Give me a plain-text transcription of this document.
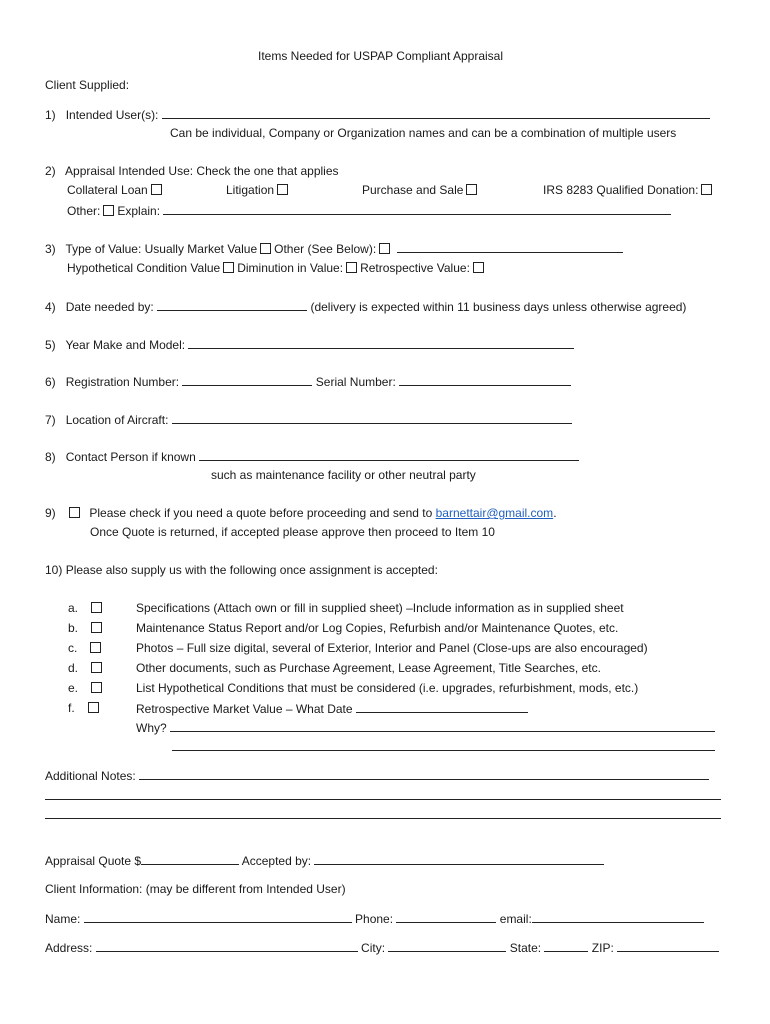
Items Needed for USPAP Compliant Appraisal
Client Supplied:
1) Intended User(s):
Can be individual, Company or Organization names and can be a combination of multiple users
2) Appraisal Intended Use: Check the one that applies
Collateral Loan	Litigation	Purchase and Sale	IRS 8283 Qualified Donation:
Other: Explain:
3) Type of Value: Usually Market Value Other (See Below):
Hypothetical Condition Value Diminution in Value: Retrospective Value:
4) Date needed by:	(delivery is expected within 11 business days unless otherwise agreed)
5) Year Make and Model:
6) Registration Number:	Serial Number:
7) Location of Aircraft:
8) Contact Person if known
such as maintenance facility or other neutral party
9)	Please check if you need a quote before proceeding and send to barnettair@gmail.com.
Once Quote is returned, if accepted please approve then proceed to Item 10
10) Please also supply us with the following once assignment is accepted:
a.	Specifications (Attach own or fill in supplied sheet) –Include information as in supplied sheet
b.	Maintenance Status Report and/or Log Copies, Refurbish and/or Maintenance Quotes, etc.
c.	Photos – Full size digital, several of Exterior, Interior and Panel (Close-ups are also encouraged)
d.	Other documents, such as Purchase Agreement, Lease Agreement, Title Searches, etc.
e.	List Hypothetical Conditions that must be considered (i.e. upgrades, refurbishment, mods, etc.)
f.	Retrospective Market Value – What Date
Why?
Additional Notes:
Appraisal Quote $	Accepted by:
Client Information: (may be different from Intended User)
Name:	Phone:	email:
Address:	City:	State:	ZIP:
